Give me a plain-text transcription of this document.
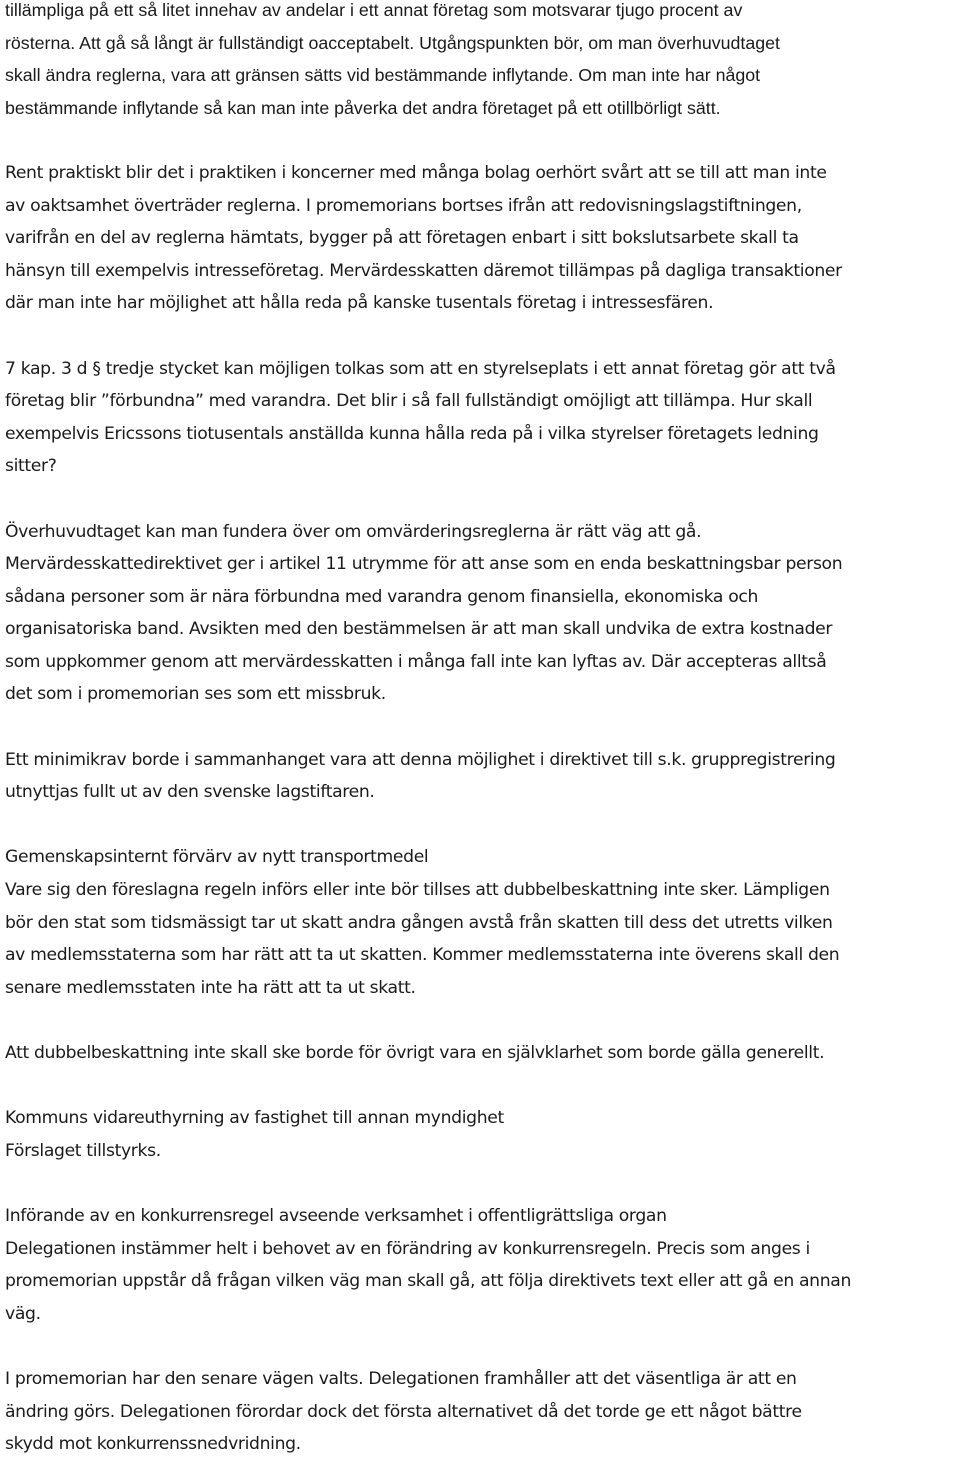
tillämpliga på ett så litet innehav av andelar i ett annat företag som motsvarar tjugo procent av
rösterna. Att gå så långt är fullständigt oacceptabelt. Utgångspunkten bör, om man överhuvudtaget
skall ändra reglerna, vara att gränsen sätts vid bestämmande inflytande. Om man inte har något
bestämmande inflytande så kan man inte påverka det andra företaget på ett otillbörligt sätt.
Rent praktiskt blir det i praktiken i koncerner med många bolag oerhört svårt att se till att man inte
av oaktsamhet överträder reglerna. I promemorians bortses ifrån att redovisningslagstiftningen,
varifrån en del av reglerna hämtats, bygger på att företagen enbart i sitt bokslutsarbete skall ta
hänsyn till exempelvis intresseföretag. Mervärdesskatten däremot tillämpas på dagliga transaktioner
där man inte har möjlighet att hålla reda på kanske tusentals företag i intressesfären.
7 kap. 3 d § tredje stycket kan möjligen tolkas som att en styrelseplats i ett annat företag gör att två
företag blir ”förbundna” med varandra. Det blir i så fall fullständigt omöjligt att tillämpa. Hur skall
exempelvis Ericssons tiotusentals anställda kunna hålla reda på i vilka styrelser företagets ledning
sitter?
Överhuvudtaget kan man fundera över om omvärderingsreglerna är rätt väg att gå.
Mervärdesskattedirektivet ger i artikel 11 utrymme för att anse som en enda beskattningsbar person
sådana personer som är nära förbundna med varandra genom finansiella, ekonomiska och
organisatoriska band. Avsikten med den bestämmelsen är att man skall undvika de extra kostnader
som uppkommer genom att mervärdesskatten i många fall inte kan lyftas av. Där accepteras alltså
det som i promemorian ses som ett missbruk.
Ett minimikrav borde i sammanhanget vara att denna möjlighet i direktivet till s.k. gruppregistrering
utnyttjas fullt ut av den svenske lagstiftaren.
Gemenskapsinternt förvärv av nytt transportmedel
Vare sig den föreslagna regeln införs eller inte bör tillses att dubbelbeskattning inte sker. Lämpligen
bör den stat som tidsmässigt tar ut skatt andra gången avstå från skatten till dess det utretts vilken
av medlemsstaterna som har rätt att ta ut skatten. Kommer medlemsstaterna inte överens skall den
senare medlemsstaten inte ha rätt att ta ut skatt.
Att dubbelbeskattning inte skall ske borde för övrigt vara en självklarhet som borde gälla generellt.
Kommuns vidareuthyrning av fastighet till annan myndighet
Förslaget tillstyrks.
Införande av en konkurrensregel avseende verksamhet i offentligrättsliga organ
Delegationen instämmer helt i behovet av en förändring av konkurrensregeln. Precis som anges i
promemorian uppstår då frågan vilken väg man skall gå, att följa direktivets text eller att gå en annan
väg.
I promemorian har den senare vägen valts. Delegationen framhåller att det väsentliga är att en
ändring görs. Delegationen förordar dock det första alternativet då det torde ge ett något bättre
skydd mot konkurrenssnedvridning.
